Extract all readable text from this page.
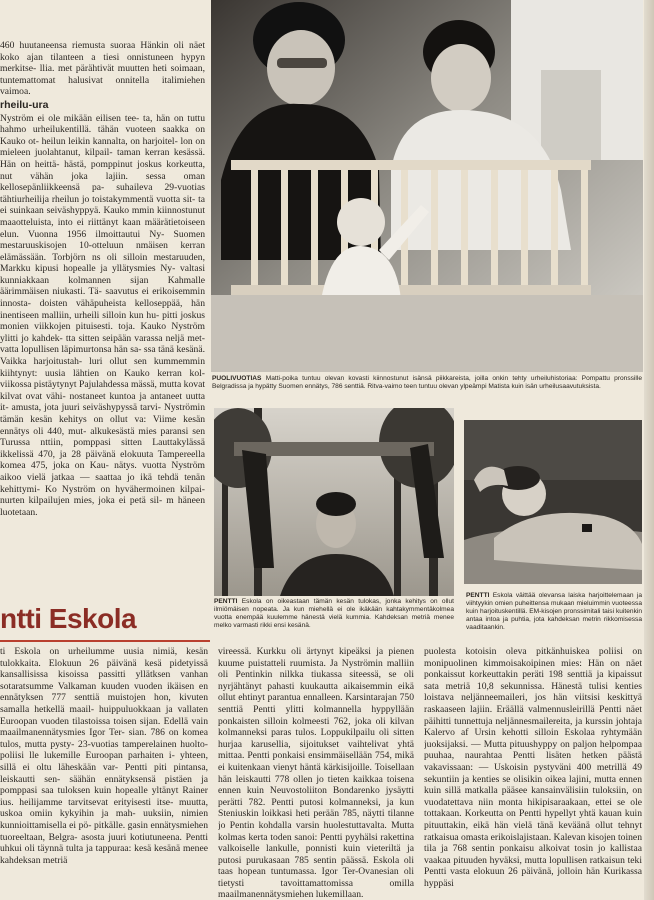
460 huutaneensa riemusta suoraa Hänkin oli näet koko ajan tilanteen a tiesi onnistuneen hypyn merkitse- llia. met pärähtivät muutten heti soimaan, tuntemattomat halusivat onnitella italimiehen vaimoa.

rheilu-ura

Nyström ei ole mikään eilisen tee- ta, hän on tuttu hahmo urheilukentillä. tähän vuoteen saakka on Kauko ot- heilun leikin kannalta, on harjoitel- lon on mieleen juolahtanut, kilpail- taman kerran kesässä. Hän on heittä- hästä, pomppinut joskus korkeutta, nut vähän joka lajiin. sessa oman kellosepänliikkeensä pa- suhaileva 29-vuotias tähtiurheilija rheilun jo toistakymmentä vuotta sit- ta ei suinkaan seiväshyppyä. Kauko mmin kiinnostunut maaotteluista, into ei riittänyt kaan määrätietoiseen elun. Vuonna 1956 ilmoittautui Ny- Suomen mestaruuskisojen 10-otteluun nmäisen kerran elämässään. Torbjörn ns oli silloin mestaruuden, Markku kipusi hopealle ja yllätysmies Ny- valtasi kunniakkaan kolmannen sijan Kahmalle äärimmäisen niukasti. Tä- saavutus ei erikoisemmin innosta- doisten vähäpuheista kelloseppää, hän inentiseen malliin, urheili silloin kun hu- pitti joskus monien viikkojen pituisesti. toja. Kauko Nyström ylitti jo kahdek- tta sitten seipään varassa neljä met- vatta lopullisen läpimurtonsa hän sa- ssa tänä kesänä. Vaikka harjoitustah- luri ollut sen kummemmin kiihtynyt: uusia lähtien on Kauko kerran kol- viikossa pistäytynyt Pajulahdessa mässä, mutta kovat kilvat ovat vähi- nostaneet kuntoa ja antaneet uutta it- amusta, jota juuri seiväshypyssä tarvi- Nyströmin tämän kesän kehitys on ollut va: Viime kesän ennätys oli 440, mut- alkukesästä mies paransi sen Turussa nttiin, pomppasi sitten Lauttakylässä ikkelissä 470, ja 28 päivänä elokuuta Tampereella komea 475, joka on Kau- nätys. vuotta Nyström aikoo vielä jatkaa — saattaa jo ikä tehdä tenän kehittymi- Ko Nyström on hyvähermoinen kilpai- nurten kilpailujen mies, joka ei petä sil- m häneen luotetaan.

PUOLIVUOTIAS Matti-poika tuntuu olevan kovasti kiinnostunut isänsä piikkareista, joilla onkin tehty urheiluhistoriaa: Pompattu pronssille Belgradissa ja hypätty Suomen ennätys, 786 senttiä. Ritva-vaimo teen tuntuu olevan ylpeämpi Matista kuin isän urheilusaavutuksista.
PENTTI Eskola on oikeastaan tämän kesän tulokas, jonka kehitys on ollut ilmiömäisen nopeata. Ja kun miehellä ei ole ikäkään kahtakymmentäkolmea vuotta enempää kuulemme hänestä vielä kummia. Kahdeksan metriä menee melko varmasti rikki ensi kesänä.
PENTTI Eskola väittää olevansa laiska harjoittelemaan ja viihtyykin omien puheittensa mukaan mieluimmin vuoteessa kuin harjoituskentillä. EM-kisojen pronssimitali taisi kuitenkin antaa intoa ja puhtia, jota kahdeksan metrin rikkomisessa vaaditaankin.
ntti Eskola

ti Eskola on urheilumme uusia nimiä, kesän tulokkaita. Elokuun 26 päivänä kesä pidetyissä kansallisissa kisoissa passitti yllätksen vanhan sotaratsumme Valkaman kuuden vuoden ikäisen en ennätyksen 777 senttiä muistojen hon, kivuten samalla hetkellä maail- huippuluokkaan ja vallaten Euroopan vuoden tilastoissa toisen sijan. Edellä vain maailmanennätysmies Igor Ter- sian. 786 on komea tulos, mutta pysty- 23-vuotias tamperelainen huolto- poliisi lle lukemille Euroopan parhaiten i- yhteen, sillä ei oltu läheskään var- Pentti piti pintansa, leiskautti sen- säähän ennätyksensä pistäen ja pomppasi saa tuloksen kuin hopealle yltänyt Rainer ius. heilijamme tarvitsevat erityisesti itse- muutta, uskoa omiin kykyihin ja mah- uuksiin, nimien kunnioittamisella ei pö- pitkälle. gasin ennätysmiehen tuoreeltaan, Belgra- asosta juuri kotiutuneena. Pentti uhkui oli täynnä tulta ja tappuraa: kesä kesänä menee kahdeksan metriä

vireessä. Kurkku oli ärtynyt kipeäksi ja pienen kuume puistatteli ruumista. Ja Nyströmin malliin oli Pentinkin nilkka tiukassa siteessä, se oli nyrjähtänyt pahasti kuukautta aikaisemmin eikä ollut ehtinyt parantua ennalleen. Karsintarajan 750 senttiä Pentti ylitti kolmannella hyppyllään ponkaisten silloin kolmeesti 762, joka oli kilvan kolmanneksi paras tulos. Loppukilpailu oli sitten hurjaa karusellia, sijoitukset vaihtelivat yhtä mittaa. Pentti ponkaisi ensimmäisellään 754, mikä ei kuitenkaan vienyt häntä kärkisijoille. Toisellaan hän leiskautti 778 ollen jo tieten kaikkaa toisena ennen kuin Neuvostoliiton Bondarenko jysäytti perätti 782. Pentti putosi kolmanneksi, ja kun Steniuskin loikkasi heti perään 785, näytti tilanne jo Pentin kohdalla varsin huolestuttavalta. Mutta kolmas kerta toden sanoi: Pentti pyyhälsi rakettina valkoiselle lankulle, ponnisti kuin vieteriltä ja putosi purukasaan 785 sentin päässä. Eskola oli taas hopean tuntumassa. Igor Ter-Ovanesian oli tietysti tavoittamattomissa omilla maailmanennätysmiehen lukemillaan.

puolesta kotoisin oleva pitkänhuiskea poliisi on monipuolinen kimmoisakoipinen mies: Hän on näet ponkaissut korkeuttakin peräti 198 senttiä ja kipaissut sata metriä 10,8 sekunnissa. Hänestä tulisi kenties loistava neljänneemaileri, jos hän viitsisi keskittyä raskaaseen lajiin. Eräällä valmennusleirillä Pentti näet päihitti tunnettuja neljännesmailereita, ja kurssin johtaja Kalervo af Ursin kehotti silloin Eskolaa ryhtymään juoksijaksi. — Mutta pituushyppy on paljon helpompaa puuhaa, naurahtaa Pentti lisäten hetken päästä vakavissaan: — Uskoisin pystyväni 400 metrillä 49 sekuntiin ja kenties se olisikin oikea lajini, mutta ennen kuin sillä matkalla pääsee kansainvälisiin tuloksiin, on vuodatettava niin monta hikipisaraakaan, ettei se ole tottakaan. Korkeutta on Pentti hypellyt yhtä kauan kuin pituuttakin, eikä hän vielä tänä keväänä ollut tehnyt ratkaisua omasta erikoislajistaan. Kalevan kisojen toinen tila ja 768 sentin ponkaisu alkoivat tosin jo kallistaa vaakaa pituuden hyväksi, mutta lopullisen ratkaisun teki Pentti vasta elokuun 26 päivänä, jolloin hän Kurikassa hyppäsi
